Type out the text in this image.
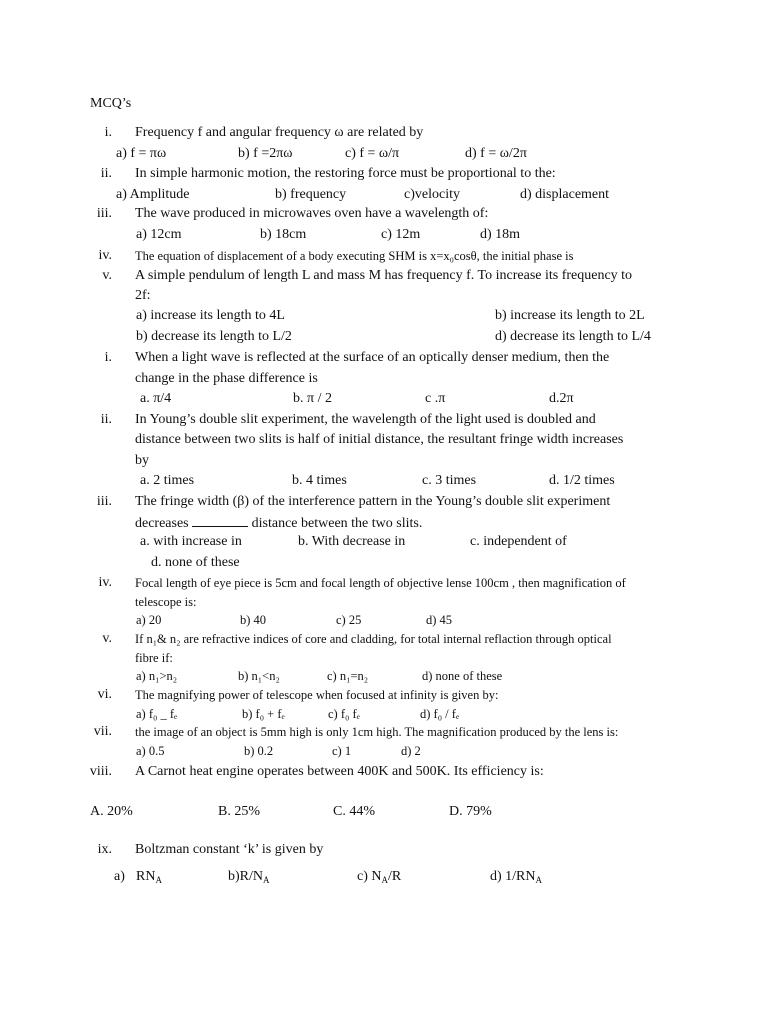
MCQ’s
i. Frequency f and angular frequency ω are related by
a) f = πω	b) f =2πω	c) f = ω/π	d) f = ω/2π
ii. In simple harmonic motion, the restoring force must be proportional to the:
a) Amplitude	b) frequency	c)velocity	d) displacement
iii. The wave produced in microwaves oven have a wavelength of:
a) 12cm	b) 18cm	c) 12m	d) 18m
iv. The equation of displacement of a body executing SHM is x=x₀cosθ, the initial phase is
v. A simple pendulum of length L and mass M has frequency f. To increase its frequency to
2f:
a) increase its length to 4L	b) increase its length to 2L
b) decrease its length to L/2	d) decrease its length to L/4
i. When a light wave is reflected at the surface of an optically denser medium, then the
change in the phase difference is
a. π/4	b. π / 2	c .π	d.2π
ii. In Young’s double slit experiment, the wavelength of the light used is doubled and
distance between two slits is half of initial distance, the resultant fringe width increases
by
a. 2 times	b. 4 times	c. 3 times	d. 1/2 times
iii. The fringe width (β) of the interference pattern in the Young’s double slit experiment
decreases	distance between the two slits.
a. with increase in	b. With decrease in	c. independent of
d. none of these
iv. Focal length of eye piece is 5cm and focal length of objective lense 100cm , then magnification of
telescope is:
a) 20	b) 40	c) 25	d) 45
v. If n₁& n₂ are refractive indices of core and cladding, for total internal reflaction through optical
fibre if:
a) n₁>n₂	b) n₁<n₂	c) n₁=n₂	d) none of these
vi. The magnifying power of telescope when focused at infinity is given by:
a) f₀ _ fₑ	b) f₀ + fₑ	c) f₀ fₑ	d) f₀ / fₑ
vii. the image of an object is 5mm high is only 1cm high. The magnification produced by the lens is:
a) 0.5	b) 0.2	c) 1	d) 2
viii. A Carnot heat engine operates between 400K and 500K. Its efficiency is:
A. 20%	B. 25%	C. 44%	D. 79%
ix. Boltzman constant ‘k’ is given by
a) $RN_A$	$b)R/N_A$	c) $N_A/R$	d) $1/RN_A$
